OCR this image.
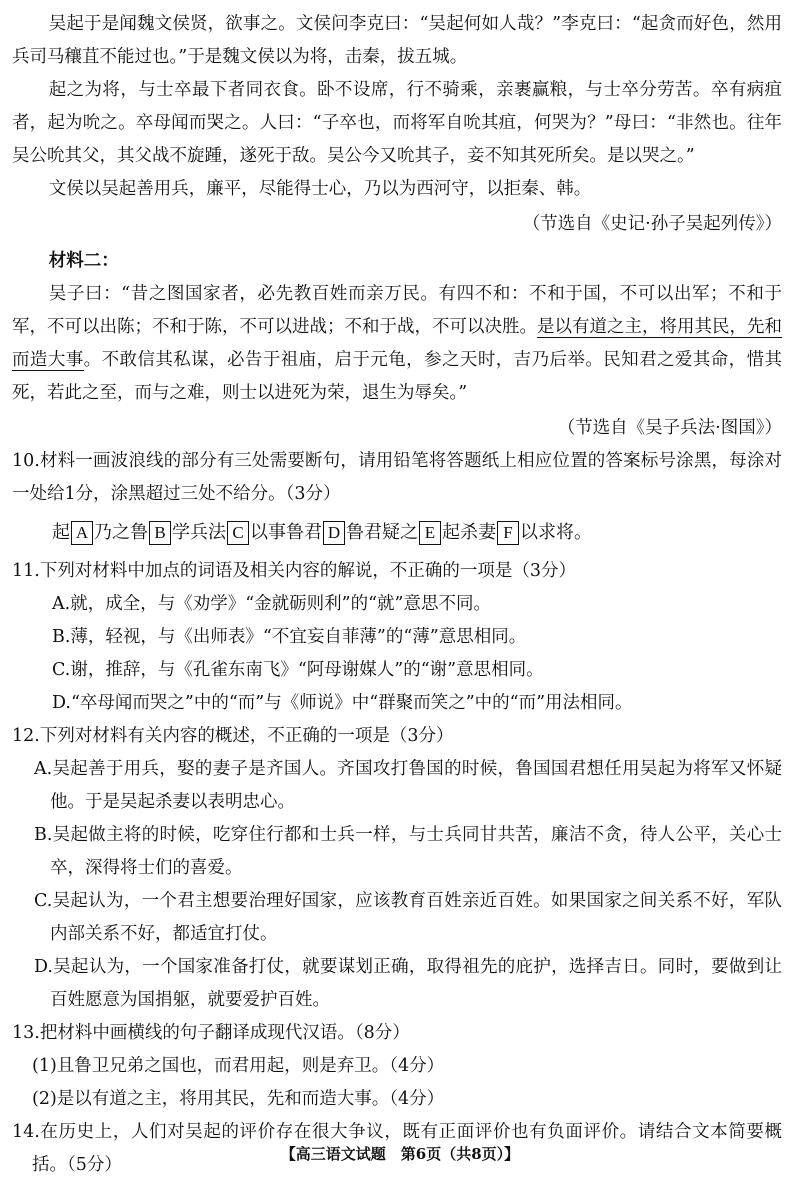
吴起于是闻魏文侯贤，欲事之。文侯问李克曰：“吴起何如人哉？”李克曰：“起贪而好色，然用兵司马穰苴不能过也。”于是魏文侯以为将，击秦，拔五城。

起之为将，与士卒最下者同衣食。卧不设席，行不骑乘，亲裹赢粮，与士卒分劳苦。卒有病疽者，起为吮之。卒母闻而 •哭之。人曰：“子卒也，而将军自吮其疽，何哭为？”母曰：“非然也。往年吴公吮其父，其父战不旋踵，遂死于敌。吴公今又吮其子，妾不知其死所矣。是以哭之。”

文侯以吴起善用兵，廉平，尽能得士心，乃以为西河守，以拒秦、韩。

（节选自《史记·孙子吴起列传》）

材料二：

吴子曰：“昔之图国家者，必先教百姓而亲万民。有四不和：不和于国，不可以出军；不和于军，不可以出陈；不和于陈，不可以进战；不和于战，不可以决胜。是以有道之主，将用其民，先和而造大事。不敢信其私谋，必告于祖庙，启于元龟，参之天时，吉乃后举。民知君之爱其命，惜其死，若此之至，而与之难，则士以进死为荣，退生为辱矣。”

（节选自《吴子兵法·图国》）

10.材料一画波浪线的部分有三处需要断句，请用铅笔将答题纸上相应位置的答案标号涂黑，每涂对一处给1分，涂黑超过三处不给分。（3分）

起 A 乃之鲁 B 学兵法 C 以事鲁君 D 鲁君疑之 E 起杀妻 F 以求将。

11.下列对材料中加点的词语及相关内容的解说，不正确的一项是（3分）

A.就，成全，与《劝学》“金就砺则利”的“就”意思不同。

B.薄，轻视，与《出师表》“不宜妄自菲薄”的“薄”意思相同。

C.谢，推辞，与《孔雀东南飞》“阿母谢媒人”的“谢”意思相同。

D.“卒母闻而哭之”中的“而”与《师说》中“群聚而笑之”中的“而”用法相同。

12.下列对材料有关内容的概述，不正确的一项是（3分）

A.吴起善于用兵，娶的妻子是齐国人。齐国攻打鲁国的时候，鲁国国君想任用吴起为将军又怀疑他。于是吴起杀妻以表明忠心。

B.吴起做主将的时候，吃穿住行都和士兵一样，与士兵同甘共苦，廉洁不贪，待人公平，关心士卒，深得将士们的喜爱。

C.吴起认为，一个君主想要治理好国家，应该教育百姓亲近百姓。如果国家之间关系不好，军队内部关系不好，都适宜打仗。

D.吴起认为，一个国家准备打仗，就要谋划正确，取得祖先的庇护，选择吉日。同时，要做到让百姓愿意为国捐躯，就要爱护百姓。

13.把材料中画横线的句子翻译成现代汉语。（8分）

(1)且鲁卫兄弟之国也，而君用起，则是弃卫。（4分）

(2)是以有道之主，将用其民，先和而造大事。（4分）

14.在历史上，人们对吴起的评价存在很大争议，既有正面评价也有负面评价。请结合文本简要概括。（5分）

【高三语文试题　第6页（共8页）】
